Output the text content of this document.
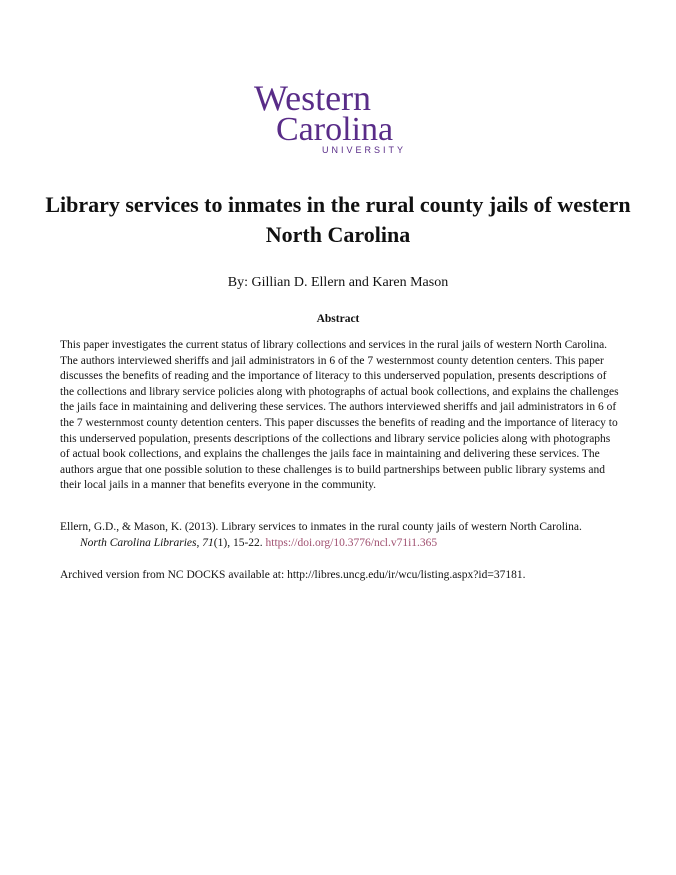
Western
Carolina
UNIVERSITY
Library services to inmates in the rural county jails of western North Carolina
By: Gillian D. Ellern and Karen Mason
Abstract

This paper investigates the current status of library collections and services in the rural jails of western North Carolina. The authors interviewed sheriffs and jail administrators in 6 of the 7 westernmost county detention centers. This paper discusses the benefits of reading and the importance of literacy to this underserved population, presents descriptions of the collections and library service policies along with photographs of actual book collections, and explains the challenges the jails face in maintaining and delivering these services. The authors interviewed sheriffs and jail administrators in 6 of the 7 westernmost county detention centers. This paper discusses the benefits of reading and the importance of literacy to this underserved population, presents descriptions of the collections and library service policies along with photographs of actual book collections, and explains the challenges the jails face in maintaining and delivering these services. The authors argue that one possible solution to these challenges is to build partnerships between public library systems and their local jails in a manner that benefits everyone in the community.

Ellern, G.D., & Mason, K. (2013). Library services to inmates in the rural county jails of western North Carolina.
North Carolina Libraries, 71(1), 15-22. https://doi.org/10.3776/ncl.v71i1.365

Archived version from NC DOCKS available at: http://libres.uncg.edu/ir/wcu/listing.aspx?id=37181.
